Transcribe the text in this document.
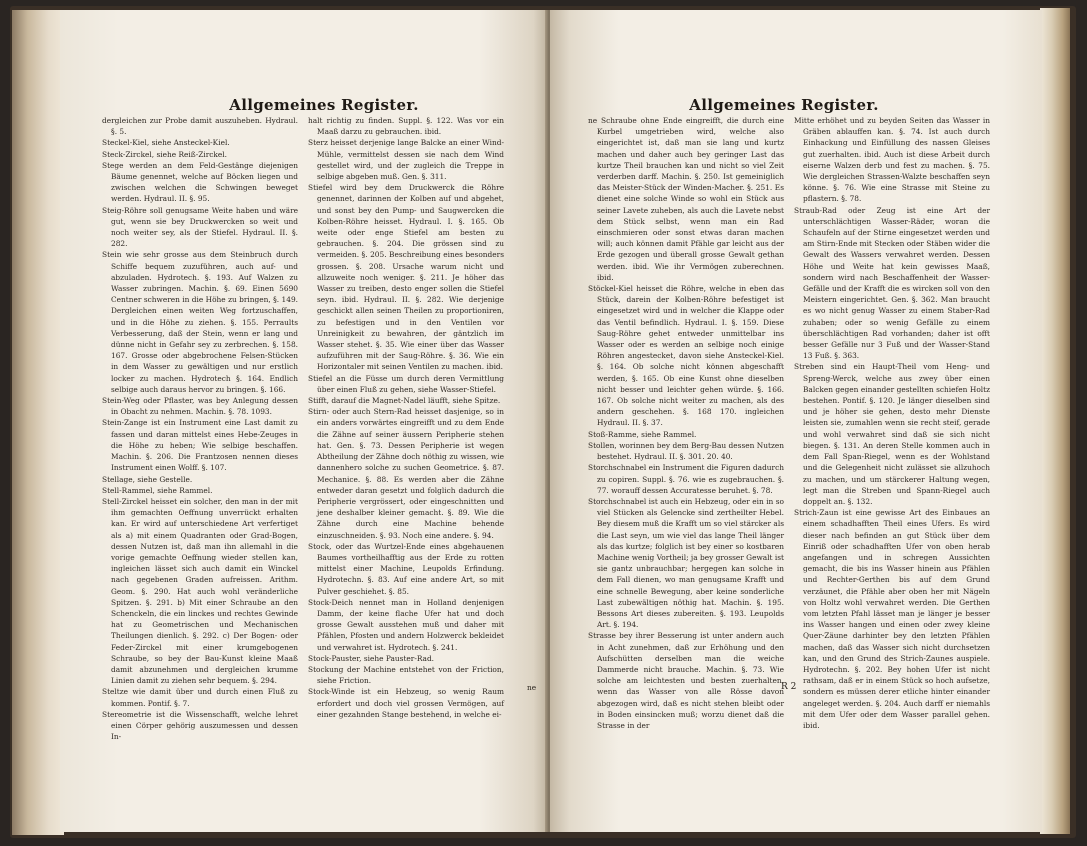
Allgemeines Register.

dergleichen zur Probe damit auszuheben. Hydraul. §. 5.

Steckel-Kiel, siehe Ansteckel-Kiel.

Steck-Zirckel, siehe Reiß-Zirckel.

Stege werden an dem Feld-Gestänge diejenigen Bäume genennet, welche auf Böcken liegen und zwischen welchen die Schwingen beweget werden. Hydraul. II. §. 95.

Steig-Röhre soll genugsame Weite haben und wäre gut, wenn sie bey Druckwercken so weit und noch weiter sey, als der Stiefel. Hydraul. II. §. 282.

Stein wie sehr grosse aus dem Steinbruch durch Schiffe bequem zuzuführen, auch auf- und abzuladen. Hydrotech. §. 193. Auf Walzen zu Wasser zubringen. Machin. §. 69. Einen 5690 Centner schweren in die Höhe zu bringen, §. 149. Dergleichen einen weiten Weg fortzuschaffen, und in die Höhe zu ziehen. §. 155. Perraults Verbesserung, daß der Stein, wenn er lang und dünne nicht in Gefahr sey zu zerbrechen. §. 158. 167. Grosse oder abgebrochene Felsen-Stücken in dem Wasser zu gewältigen und nur erstlich locker zu machen. Hydrotech §. 164. Endlich selbige auch daraus hervor zu bringen. §. 166.

Stein-Weg oder Pflaster, was bey Anlegung dessen in Obacht zu nehmen. Machin. §. 78. 1093.

Stein-Zange ist ein Instrument eine Last damit zu fassen und daran mittelst eines Hebe-Zeuges in die Höhe zu heben; Wie selbige beschaffen. Machin. §. 206. Die Frantzosen nennen dieses Instrument einen Wolff. §. 107.

Stellage, siehe Gestelle.

Stell-Rammel, siehe Rammel.

Stell-Zirckel heisset ein solcher, den man in der mit ihm gemachten Oeffnung unverrückt erhalten kan. Er wird auf unterschiedene Art verfertiget als a) mit einem Quadranten oder Grad-Bogen, dessen Nutzen ist, daß man ihn allemahl in die vorige gemachte Oeffnung wieder stellen kan, ingleichen lässet sich auch damit ein Winckel nach gegebenen Graden aufreissen. Arithm. Geom. §. 290. Hat auch wohl veränderliche Spitzen. §. 291. b) Mit einer Schraube an den Schenckeln, die ein linckes und rechtes Gewinde hat zu Geometrischen und Mechanischen Theilungen dienlich. §. 292. c) Der Bogen- oder Feder-Zirckel mit einer krumgebogenen Schraube, so bey der Bau-Kunst kleine Maaß damit abzunehmen und dergleichen krumme Linien damit zu ziehen sehr bequem. §. 294.

Steltze wie damit über und durch einen Fluß zu kommen. Pontif. §. 7.

Stereometrie ist die Wissenschafft, welche lehret einen Cörper gehörig auszumessen und dessen In-

halt richtig zu finden. Suppl. §. 122. Was vor ein Maaß darzu zu gebrauchen. ibid.

Sterz heisset derjenige lange Balcke an einer Wind-Mühle, vermittelst dessen sie nach dem Wind gestellet wird, und der zugleich die Treppe in selbige abgeben muß. Gen. §. 311.

Stiefel wird bey dem Druckwerck die Röhre genennet, darinnen der Kolben auf und abgehet, und sonst bey den Pump- und Saugwercken die Kolben-Röhre heisset. Hydraul. I. §. 165. Ob weite oder enge Stiefel am besten zu gebrauchen. §. 204. Die grössen sind zu vermeiden. §. 205. Beschreibung eines besonders grossen. §. 208. Ursache warum nicht und allzuweite noch weniger. §. 211. Je höher das Wasser zu treiben, desto enger sollen die Stiefel seyn. ibid. Hydraul. II. §. 282. Wie derjenige geschickt allen seinen Theilen zu proportioniren, zu befestigen und in den Ventilen vor Unreinigkeit zu bewahren, der gäntzlich im Wasser stehet. §. 35. Wie einer über das Wasser aufzuführen mit der Saug-Röhre. §. 36. Wie ein Horizontaler mit seinen Ventilen zu machen. ibid.

Stiefel an die Füsse um durch deren Vermittlung über einen Fluß zu gehen, siehe Wasser-Stiefel.

Stifft, darauf die Magnet-Nadel läufft, siehe Spitze.

Stirn- oder auch Stern-Rad heisset dasjenige, so in ein anders vorwärtes eingreifft und zu dem Ende die Zähne auf seiner äussern Peripherie stehen hat. Gen. §. 73. Dessen Peripherie ist wegen Abtheilung der Zähne doch nöthig zu wissen, wie dannenhero solche zu suchen Geometrice. §. 87. Mechanice. §. 88. Es werden aber die Zähne entweder daran gesetzt und folglich dadurch die Peripherie vergrössert, oder eingeschnitten und jene deshalber kleiner gemacht. §. 89. Wie die Zähne durch eine Machine behende einzuschneiden. §. 93. Noch eine andere. §. 94.

Stock, oder das Wurtzel-Ende eines abgehauenen Baumes vortheilhafftig aus der Erde zu rotten mittelst einer Machine, Leupolds Erfindung. Hydrotechn. §. 83. Auf eine andere Art, so mit Pulver geschiehet. §. 85.

Stock-Deich nennet man in Holland denjenigen Damm, der keine flache Ufer hat und doch grosse Gewalt ausstehen muß und daher mit Pfählen, Pfosten und andern Holzwerck bekleidet und verwahret ist. Hydrotech. §. 241.

Stock-Pauster, siehe Pauster-Rad.

Stockung der Machine entstehet von der Friction, siehe Friction.

Stock-Winde ist ein Hebzeug, so wenig Raum erfordert und doch viel grossen Vermögen, auf einer gezahnden Stange bestehend, in welche ei-

ne
Allgemeines Register.

ne Schraube ohne Ende eingreifft, die durch eine Kurbel umgetrieben wird, welche also eingerichtet ist, daß man sie lang und kurtz machen und daher auch bey geringer Last das kurtze Theil brauchen kan und nicht so viel Zeit verderben darff. Machin. §. 250. Ist gemeiniglich das Meister-Stück der Winden-Macher. §. 251. Es dienet eine solche Winde so wohl ein Stück aus seiner Lavete zuheben, als auch die Lavete nebst dem Stück selbst, wenn man ein Rad einschmieren oder sonst etwas daran machen will; auch können damit Pfähle gar leicht aus der Erde gezogen und überall grosse Gewalt gethan werden. ibid. Wie ihr Vermögen zuberechnen. ibid.

Stöckel-Kiel heisset die Röhre, welche in eben das Stück, darein der Kolben-Röhre befestiget ist eingesetzet wird und in welcher die Klappe oder das Ventil befindlich. Hydraul. I. §. 159. Diese Saug-Röhre gehet entweder unmittelbar ins Wasser oder es werden an selbige noch einige Röhren angestecket, davon siehe Ansteckel-Kiel. §. 164. Ob solche nicht können abgeschafft werden, §. 165. Ob eine Kunst ohne dieselben nicht besser und leichter gehen würde. §. 166. 167. Ob solche nicht weiter zu machen, als des andern geschehen. §. 168 170. ingleichen Hydraul. II. §. 37.

Stoß-Ramme, siehe Rammel.

Stollen, worinnen bey dem Berg-Bau dessen Nutzen bestehet. Hydraul. II. §. 301. 20. 40.

Storchschnabel ein Instrument die Figuren dadurch zu copiren. Suppl. §. 76. wie es zugebrauchen. §. 77. worauff dessen Accuratesse beruhet. §. 78.

Storchschnabel ist auch ein Hebzeug, oder ein in so viel Stücken als Gelencke sind zertheilter Hebel. Bey diesem muß die Krafft um so viel stärcker als die Last seyn, um wie viel das lange Theil länger als das kurtze; folglich ist bey einer so kostbaren Machine wenig Vortheil; ja bey grosser Gewalt ist sie gantz unbrauchbar; hergegen kan solche in dem Fall dienen, wo man genugsame Krafft und eine schnelle Bewegung, aber keine sonderliche Last zubewältigen nöthig hat. Machin. §. 195. Bessons Art dieses zubereiten. §. 193. Leupolds Art. §. 194.

Strasse bey ihrer Besserung ist unter andern auch in Acht zunehmen, daß zur Erhöhung und den Aufschütten derselben man die weiche Dammerde nicht brauche. Machin. §. 73. Wie solche am leichtesten und besten zuerhalten, wenn das Wasser von alle Rösse davon abgezogen wird, daß es nicht stehen bleibt oder in Boden einsincken muß; worzu dienet daß die Strasse in der

Mitte erhöhet und zu beyden Seiten das Wasser in Gräben ablauffen kan. §. 74. Ist auch durch Einhackung und Einfüllung des nassen Gleises gut zuerhalten. ibid. Auch ist diese Arbeit durch eiserne Walzen derb und fest zu machen. §. 75. Wie dergleichen Strassen-Walzte beschaffen seyn könne. §. 76. Wie eine Strasse mit Steine zu pflastern. §. 78.

Straub-Rad oder Zeug ist eine Art der unterschlächtigen Wasser-Räder, woran die Schaufeln auf der Stirne eingesetzet werden und am Stirn-Ende mit Stecken oder Stäben wider die Gewalt des Wassers verwahret werden. Dessen Höhe und Weite hat kein gewisses Maaß, sondern wird nach Beschaffenheit der Wasser-Gefälle und der Krafft die es wircken soll von den Meistern eingerichtet. Gen. §. 362. Man braucht es wo nicht genug Wasser zu einem Staber-Rad zuhaben; oder so wenig Gefälle zu einem überschlächtigen Rad vorhanden; daher ist offt besser Gefälle nur 3 Fuß und der Wasser-Stand 13 Fuß. §. 363.

Streben sind ein Haupt-Theil vom Heng- und Spreng-Werck, welche aus zwey über einen Balcken gegen einander gestellten schiefen Holtz bestehen. Pontif. §. 120. Je länger dieselben sind und je höher sie gehen, desto mehr Dienste leisten sie, zumahlen wenn sie recht steif, gerade und wohl verwahret sind daß sie sich nicht biegen. §. 131. An deren Stelle kommen auch in dem Fall Span-Riegel, wenn es der Wohlstand und die Gelegenheit nicht zulässet sie allzuhoch zu machen, und um stärckerer Haltung wegen, legt man die Streben und Spann-Riegel auch doppelt an. §. 132.

Strich-Zaun ist eine gewisse Art des Einbaues an einem schadhafften Theil eines Ufers. Es wird dieser nach befinden an gut Stück über dem Einriß oder schadhafften Ufer von oben herab angefangen und in schregen Aussichten gemacht, die bis ins Wasser hinein aus Pfählen und Rechter-Gerthen bis auf dem Grund verzäunet, die Pfähle aber oben her mit Nägeln von Holtz wohl verwahret werden. Die Gerthen vom letzten Pfahl lässet man je länger je besser ins Wasser hangen und einen oder zwey kleine Quer-Zäune darhinter bey den letzten Pfählen machen, daß das Wasser sich nicht durchsetzen kan, und den Grund des Strich-Zaunes auspiele. Hydrotechn. §. 202. Bey hohen Ufer ist nicht rathsam, daß er in einem Stück so hoch aufsetze, sondern es müssen derer etliche hinter einander angeleget werden. §. 204. Auch darff er niemahls mit dem Ufer oder dem Wasser parallel gehen. ibid.

R 2
